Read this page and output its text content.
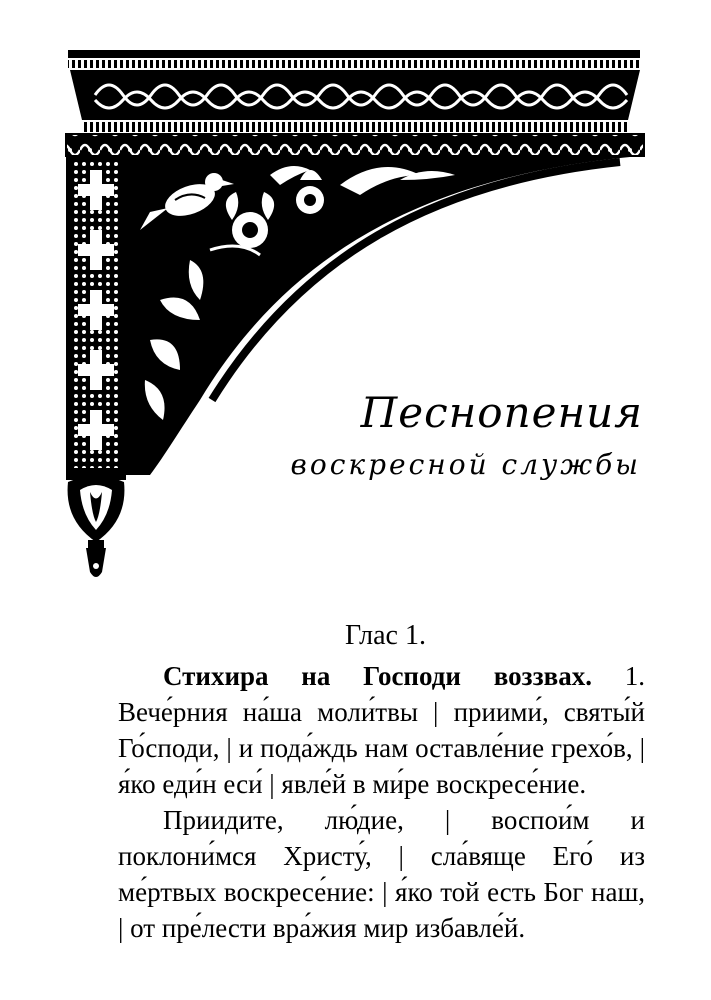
Песнопения
воскресной службы
Глас 1.

Стихира на Господи воззвах. 1. Вече́рния на́ша моли́твы | приими́, святы́й Го́споди, | и пода́ждь нам оставле́ние грехо́в, | я́ко еди́н еси́ | явле́й в ми́ре воскресе́ние.

Приидите, лю́дие, | воспои́м и поклони́мся Христу́, | сла́вяще Его́ из ме́ртвых воскресе́ние: | я́ко той есть Бог наш, | от пре́лести вра́жия мир избавле́й.
